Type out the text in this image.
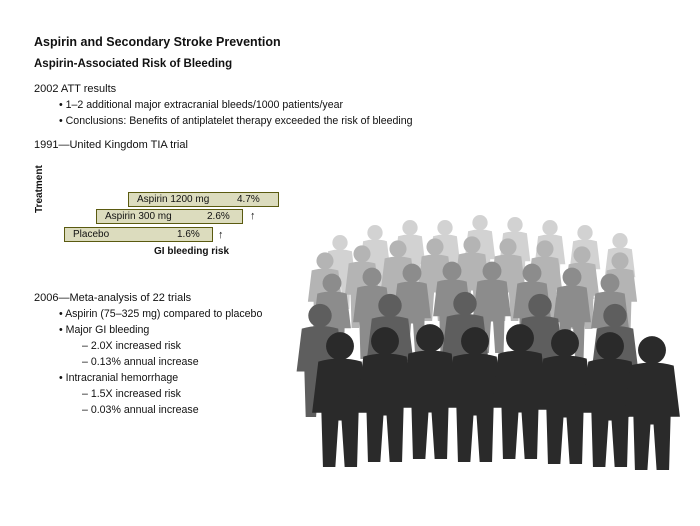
Aspirin and Secondary Stroke Prevention
Aspirin-Associated Risk of Bleeding
2002 ATT results
• 1–2 additional major extracranial bleeds/1000 patients/year
• Conclusions: Benefits of antiplatelet therapy exceeded the risk of bleeding
1991—United Kingdom TIA trial
Aspirin 1200 mg	4.7%
Aspirin 300 mg	2.6% ↑
Placebo	1.6% ↑
Treatment
GI bleeding risk
2006—Meta-analysis of 22 trials
• Aspirin (75–325 mg) compared to placebo
• Major GI bleeding
– 2.0X increased risk
– 0.13% annual increase
• Intracranial hemorrhage
– 1.5X increased risk
– 0.03% annual increase
